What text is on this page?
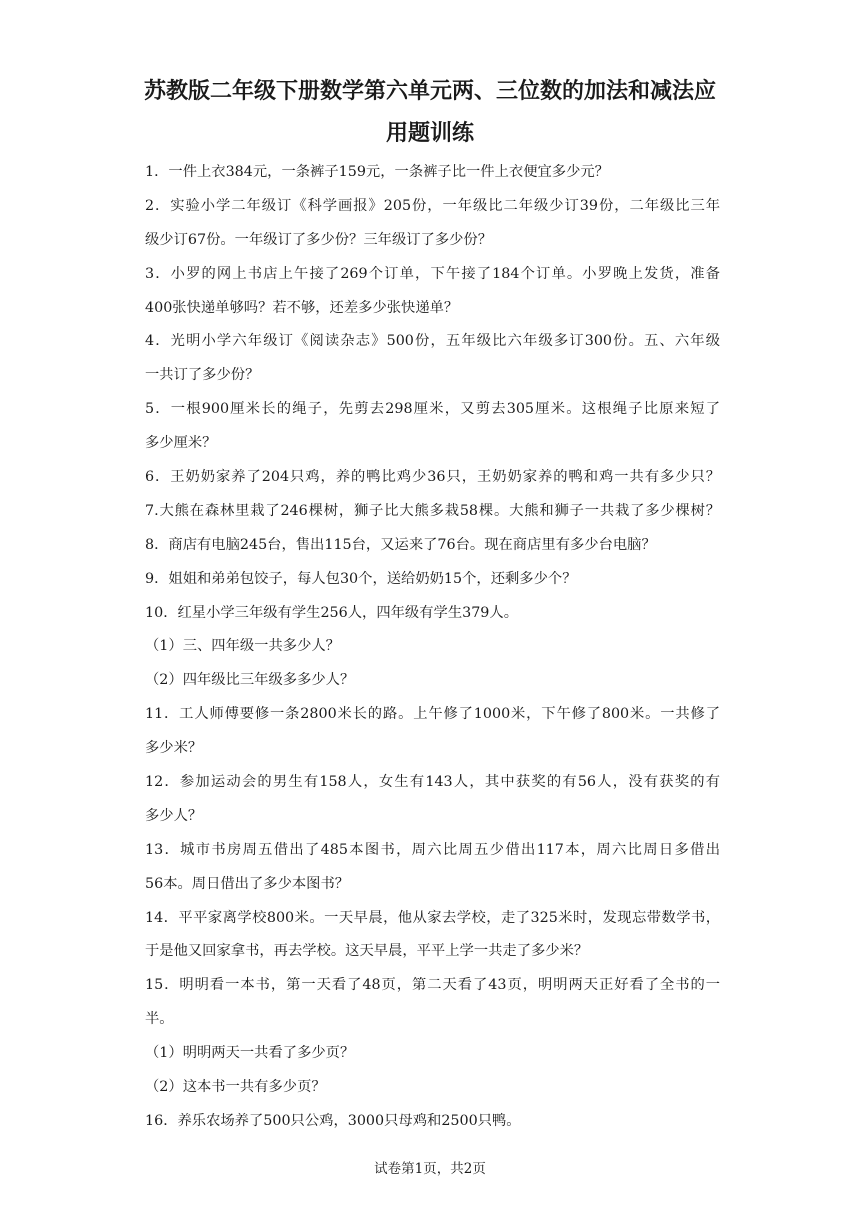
苏教版二年级下册数学第六单元两、三位数的加法和减法应
用题训练
1．一件上衣384元，一条裤子159元，一条裤子比一件上衣便宜多少元？
2．实验小学二年级订《科学画报》205份，一年级比二年级少订39份，二年级比三年
级少订67份。一年级订了多少份？三年级订了多少份？
3．小罗的网上书店上午接了269个订单，下午接了184个订单。小罗晚上发货，准备
400张快递单够吗？若不够，还差多少张快递单？
4．光明小学六年级订《阅读杂志》500份，五年级比六年级多订300份。五、六年级
一共订了多少份？
5．一根900厘米长的绳子，先剪去298厘米，又剪去305厘米。这根绳子比原来短了
多少厘米？
6．王奶奶家养了204只鸡，养的鸭比鸡少36只，王奶奶家养的鸭和鸡一共有多少只？
7.大熊在森林里栽了246棵树，狮子比大熊多栽58棵。大熊和狮子一共栽了多少棵树？
8．商店有电脑245台，售出115台，又运来了76台。现在商店里有多少台电脑？
9．姐姐和弟弟包饺子，每人包30个，送给奶奶15个，还剩多少个？
10．红星小学三年级有学生256人，四年级有学生379人。
（1）三、四年级一共多少人？
（2）四年级比三年级多多少人？
11．工人师傅要修一条2800米长的路。上午修了1000米，下午修了800米。一共修了
多少米？
12．参加运动会的男生有158人，女生有143人，其中获奖的有56人，没有获奖的有
多少人？
13．城市书房周五借出了485本图书，周六比周五少借出117本，周六比周日多借出
56本。周日借出了多少本图书？
14．平平家离学校800米。一天早晨，他从家去学校，走了325米时，发现忘带数学书，
于是他又回家拿书，再去学校。这天早晨，平平上学一共走了多少米？
15．明明看一本书，第一天看了48页，第二天看了43页，明明两天正好看了全书的一
半。
（1）明明两天一共看了多少页？
（2）这本书一共有多少页？
16．养乐农场养了500只公鸡，3000只母鸡和2500只鸭。
试卷第1页，共2页
